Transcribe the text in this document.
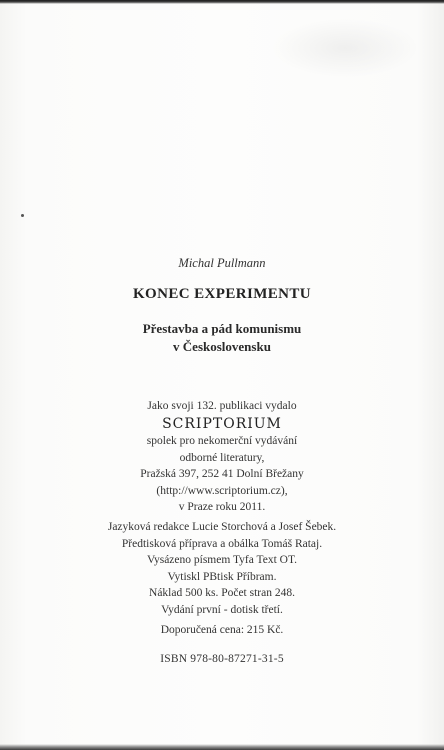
Michal Pullmann
KONEC EXPERIMENTU
Přestavba a pád komunismu
v Československu
Jako svoji 132. publikaci vydalo
SCRIPTORIUM
spolek pro nekomerční vydávání
odborné literatury,
Pražská 397, 252 41 Dolní Břežany
(http://www.scriptorium.cz),
v Praze roku 2011.
Jazyková redakce Lucie Storchová a Josef Šebek.
Předtisková příprava a obálka Tomáš Rataj.
Vysázeno písmem Tyfa Text OT.
Vytiskl PBtisk Příbram.
Náklad 500 ks. Počet stran 248.
Vydání první - dotisk třetí.
Doporučená cena: 215 Kč.
ISBN 978-80-87271-31-5
